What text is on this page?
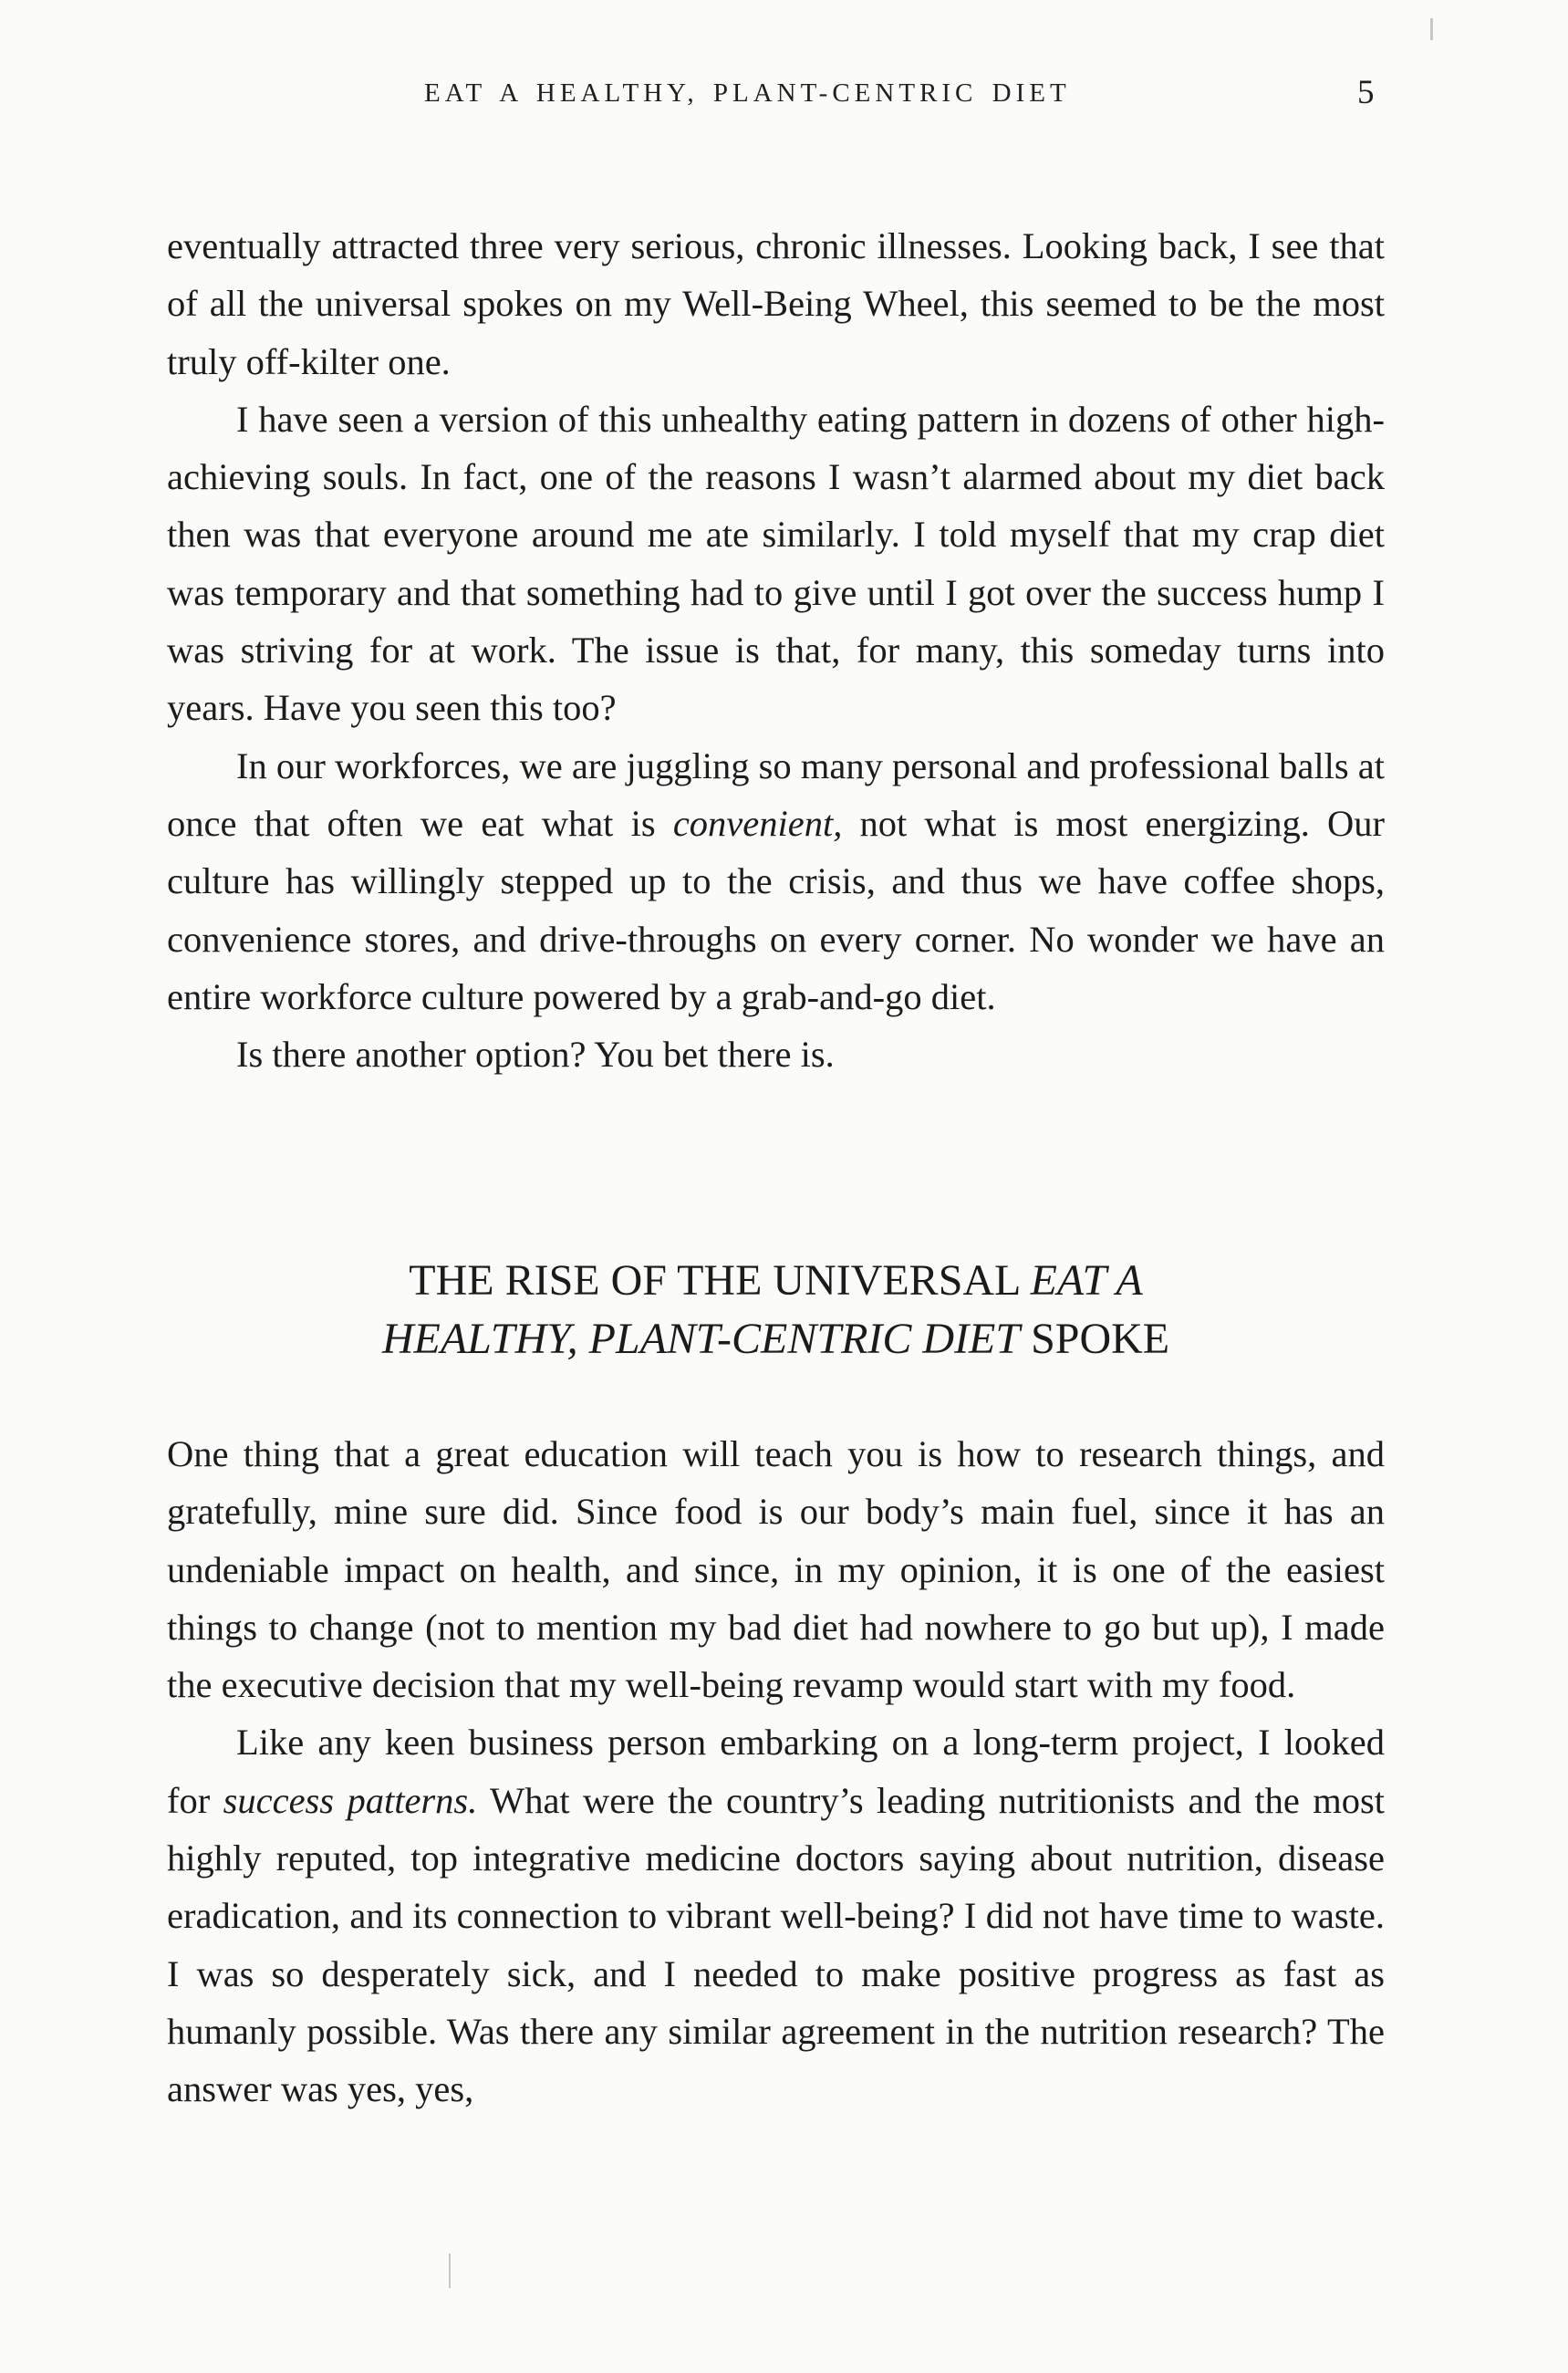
EAT A HEALTHY, PLANT-CENTRIC DIET	5

eventually attracted three very serious, chronic illnesses. Looking back, I see that of all the universal spokes on my Well-Being Wheel, this seemed to be the most truly off-kilter one.

I have seen a version of this unhealthy eating pattern in dozens of other high-achieving souls. In fact, one of the reasons I wasn’t alarmed about my diet back then was that everyone around me ate similarly. I told myself that my crap diet was temporary and that something had to give until I got over the success hump I was striving for at work. The issue is that, for many, this someday turns into years. Have you seen this too?

In our workforces, we are juggling so many personal and professional balls at once that often we eat what is convenient, not what is most energizing. Our culture has willingly stepped up to the crisis, and thus we have coffee shops, convenience stores, and drive-throughs on every corner. No wonder we have an entire workforce culture powered by a grab-and-go diet.

Is there another option? You bet there is.

THE RISE OF THE UNIVERSAL EAT A
HEALTHY, PLANT-CENTRIC DIET SPOKE

One thing that a great education will teach you is how to research things, and gratefully, mine sure did. Since food is our body’s main fuel, since it has an undeniable impact on health, and since, in my opinion, it is one of the easiest things to change (not to mention my bad diet had nowhere to go but up), I made the executive decision that my well-being revamp would start with my food.

Like any keen business person embarking on a long-term project, I looked for success patterns. What were the country’s leading nutritionists and the most highly reputed, top integrative medicine doctors saying about nutrition, disease eradication, and its connection to vibrant well-being? I did not have time to waste. I was so desperately sick, and I needed to make positive progress as fast as humanly possible. Was there any similar agreement in the nutrition research? The answer was yes, yes,
